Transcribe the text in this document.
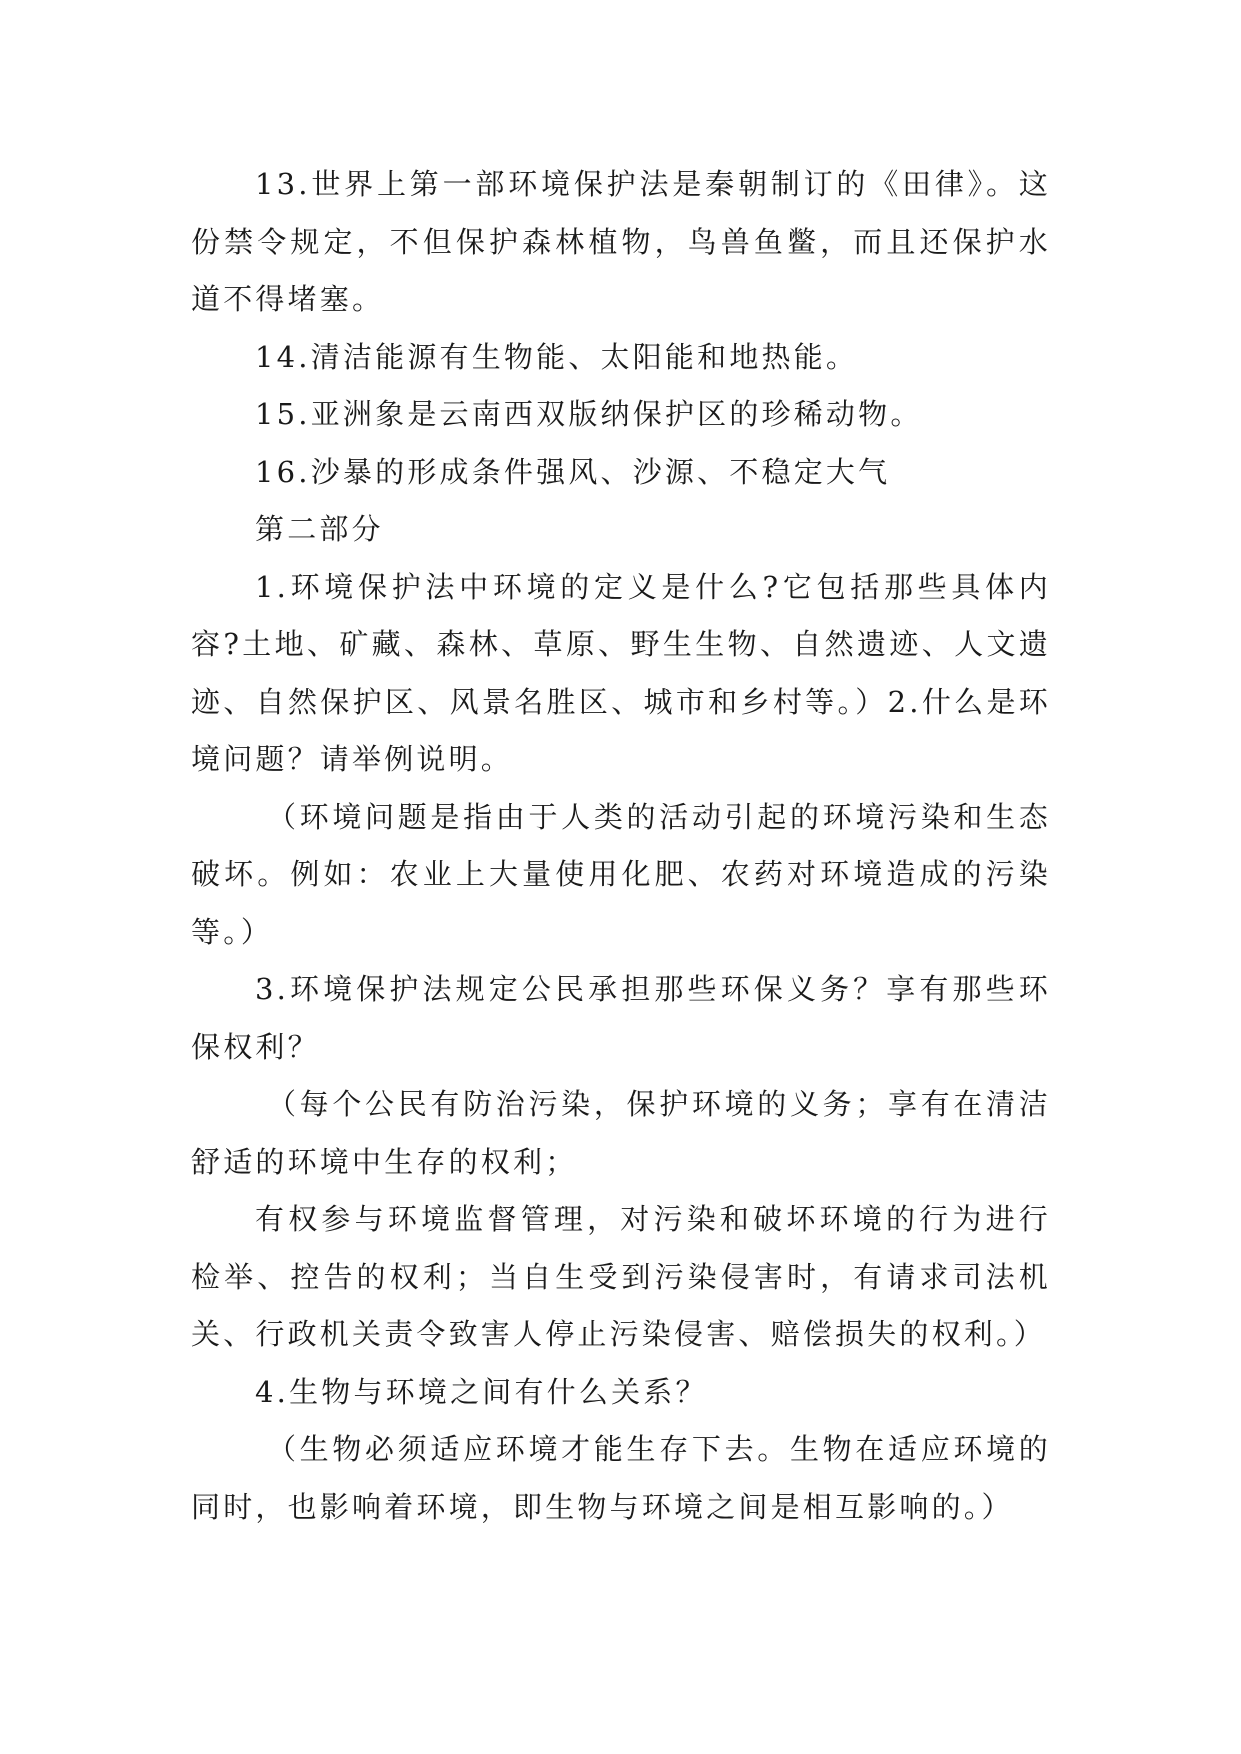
13.世界上第一部环境保护法是秦朝制订的《田律》。这份禁令规定，不但保护森林植物，鸟兽鱼鳖，而且还保护水道不得堵塞。

14.清洁能源有生物能、太阳能和地热能。

15.亚洲象是云南西双版纳保护区的珍稀动物。

16.沙暴的形成条件强风、沙源、不稳定大气

第二部分

1.环境保护法中环境的定义是什么?它包括那些具体内容?土地、矿藏、森林、草原、野生生物、自然遗迹、人文遗迹、自然保护区、风景名胜区、城市和乡村等。）2.什么是环境问题？请举例说明。

（环境问题是指由于人类的活动引起的环境污染和生态破坏。例如：农业上大量使用化肥、农药对环境造成的污染等。）

3.环境保护法规定公民承担那些环保义务？享有那些环保权利？

（每个公民有防治污染，保护环境的义务；享有在清洁舒适的环境中生存的权利；

有权参与环境监督管理，对污染和破坏环境的行为进行检举、控告的权利；当自生受到污染侵害时，有请求司法机关、行政机关责令致害人停止污染侵害、赔偿损失的权利。）

4.生物与环境之间有什么关系？

（生物必须适应环境才能生存下去。生物在适应环境的同时，也影响着环境，即生物与环境之间是相互影响的。）
